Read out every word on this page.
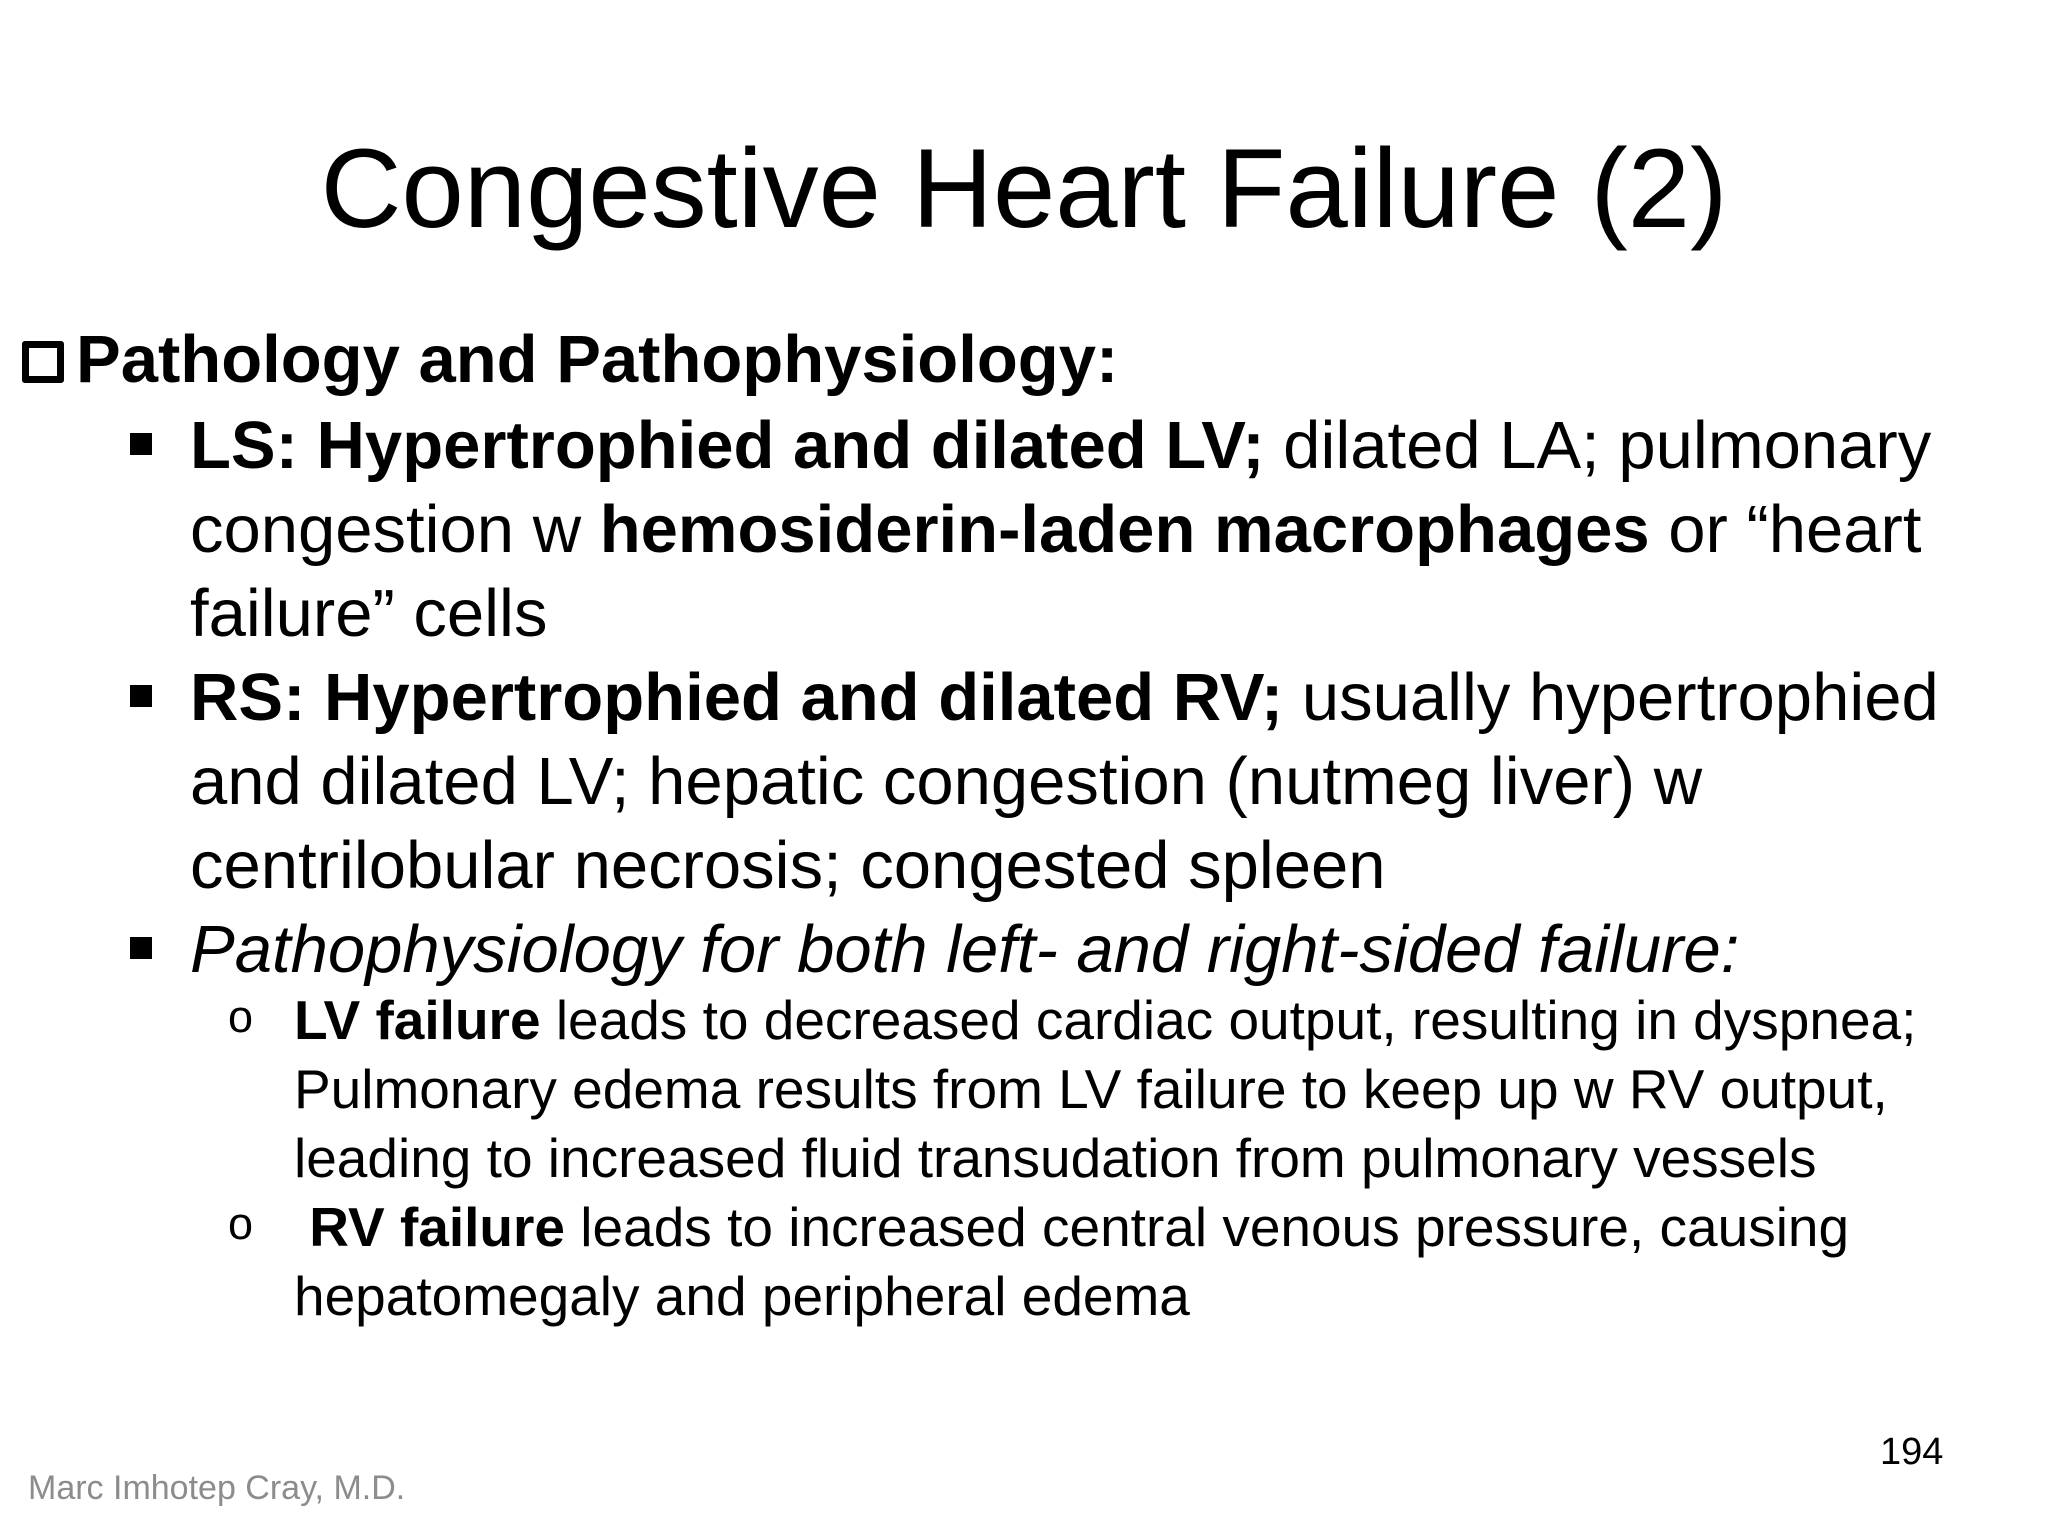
Congestive Heart Failure (2)
Pathology and Pathophysiology:
LS: Hypertrophied and dilated LV; dilated LA; pulmonary congestion w hemosiderin-laden macrophages or “heart failure” cells
RS: Hypertrophied and dilated RV; usually hypertrophied and dilated LV; hepatic congestion (nutmeg liver) w centrilobular necrosis; congested spleen
Pathophysiology for both left- and right-sided failure:
o LV failure leads to decreased cardiac output, resulting in dyspnea; Pulmonary edema results from LV failure to keep up w RV output, leading to increased fluid transudation from pulmonary vessels
o RV failure leads to increased central venous pressure, causing hepatomegaly and peripheral edema
194
Marc Imhotep Cray, M.D.
